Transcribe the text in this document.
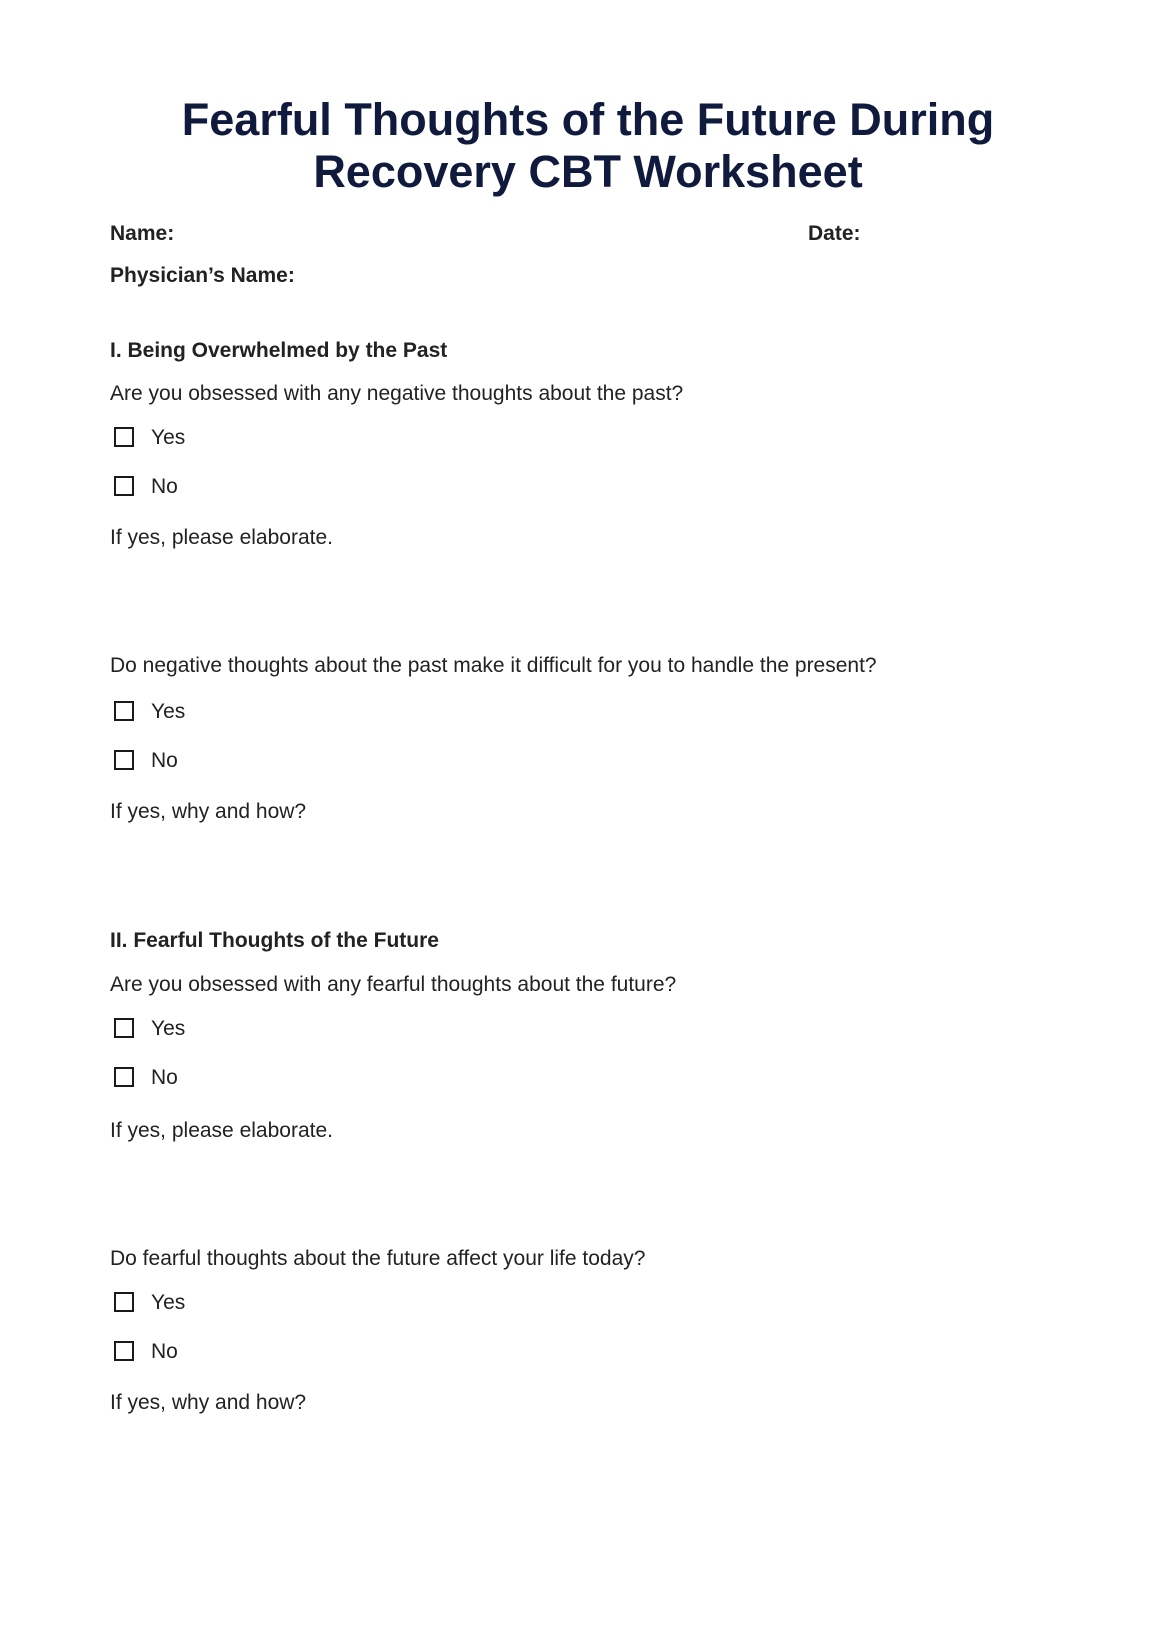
Fearful Thoughts of the Future During
Recovery CBT Worksheet
Name:	Date:
Physician’s Name:
I. Being Overwhelmed by the Past
Are you obsessed with any negative thoughts about the past?
Yes
No
If yes, please elaborate.
Do negative thoughts about the past make it difficult for you to handle the present?
Yes
No
If yes, why and how?
II. Fearful Thoughts of the Future
Are you obsessed with any fearful thoughts about the future?
Yes
No
If yes, please elaborate.
Do fearful thoughts about the future affect your life today?
Yes
No
If yes, why and how?
